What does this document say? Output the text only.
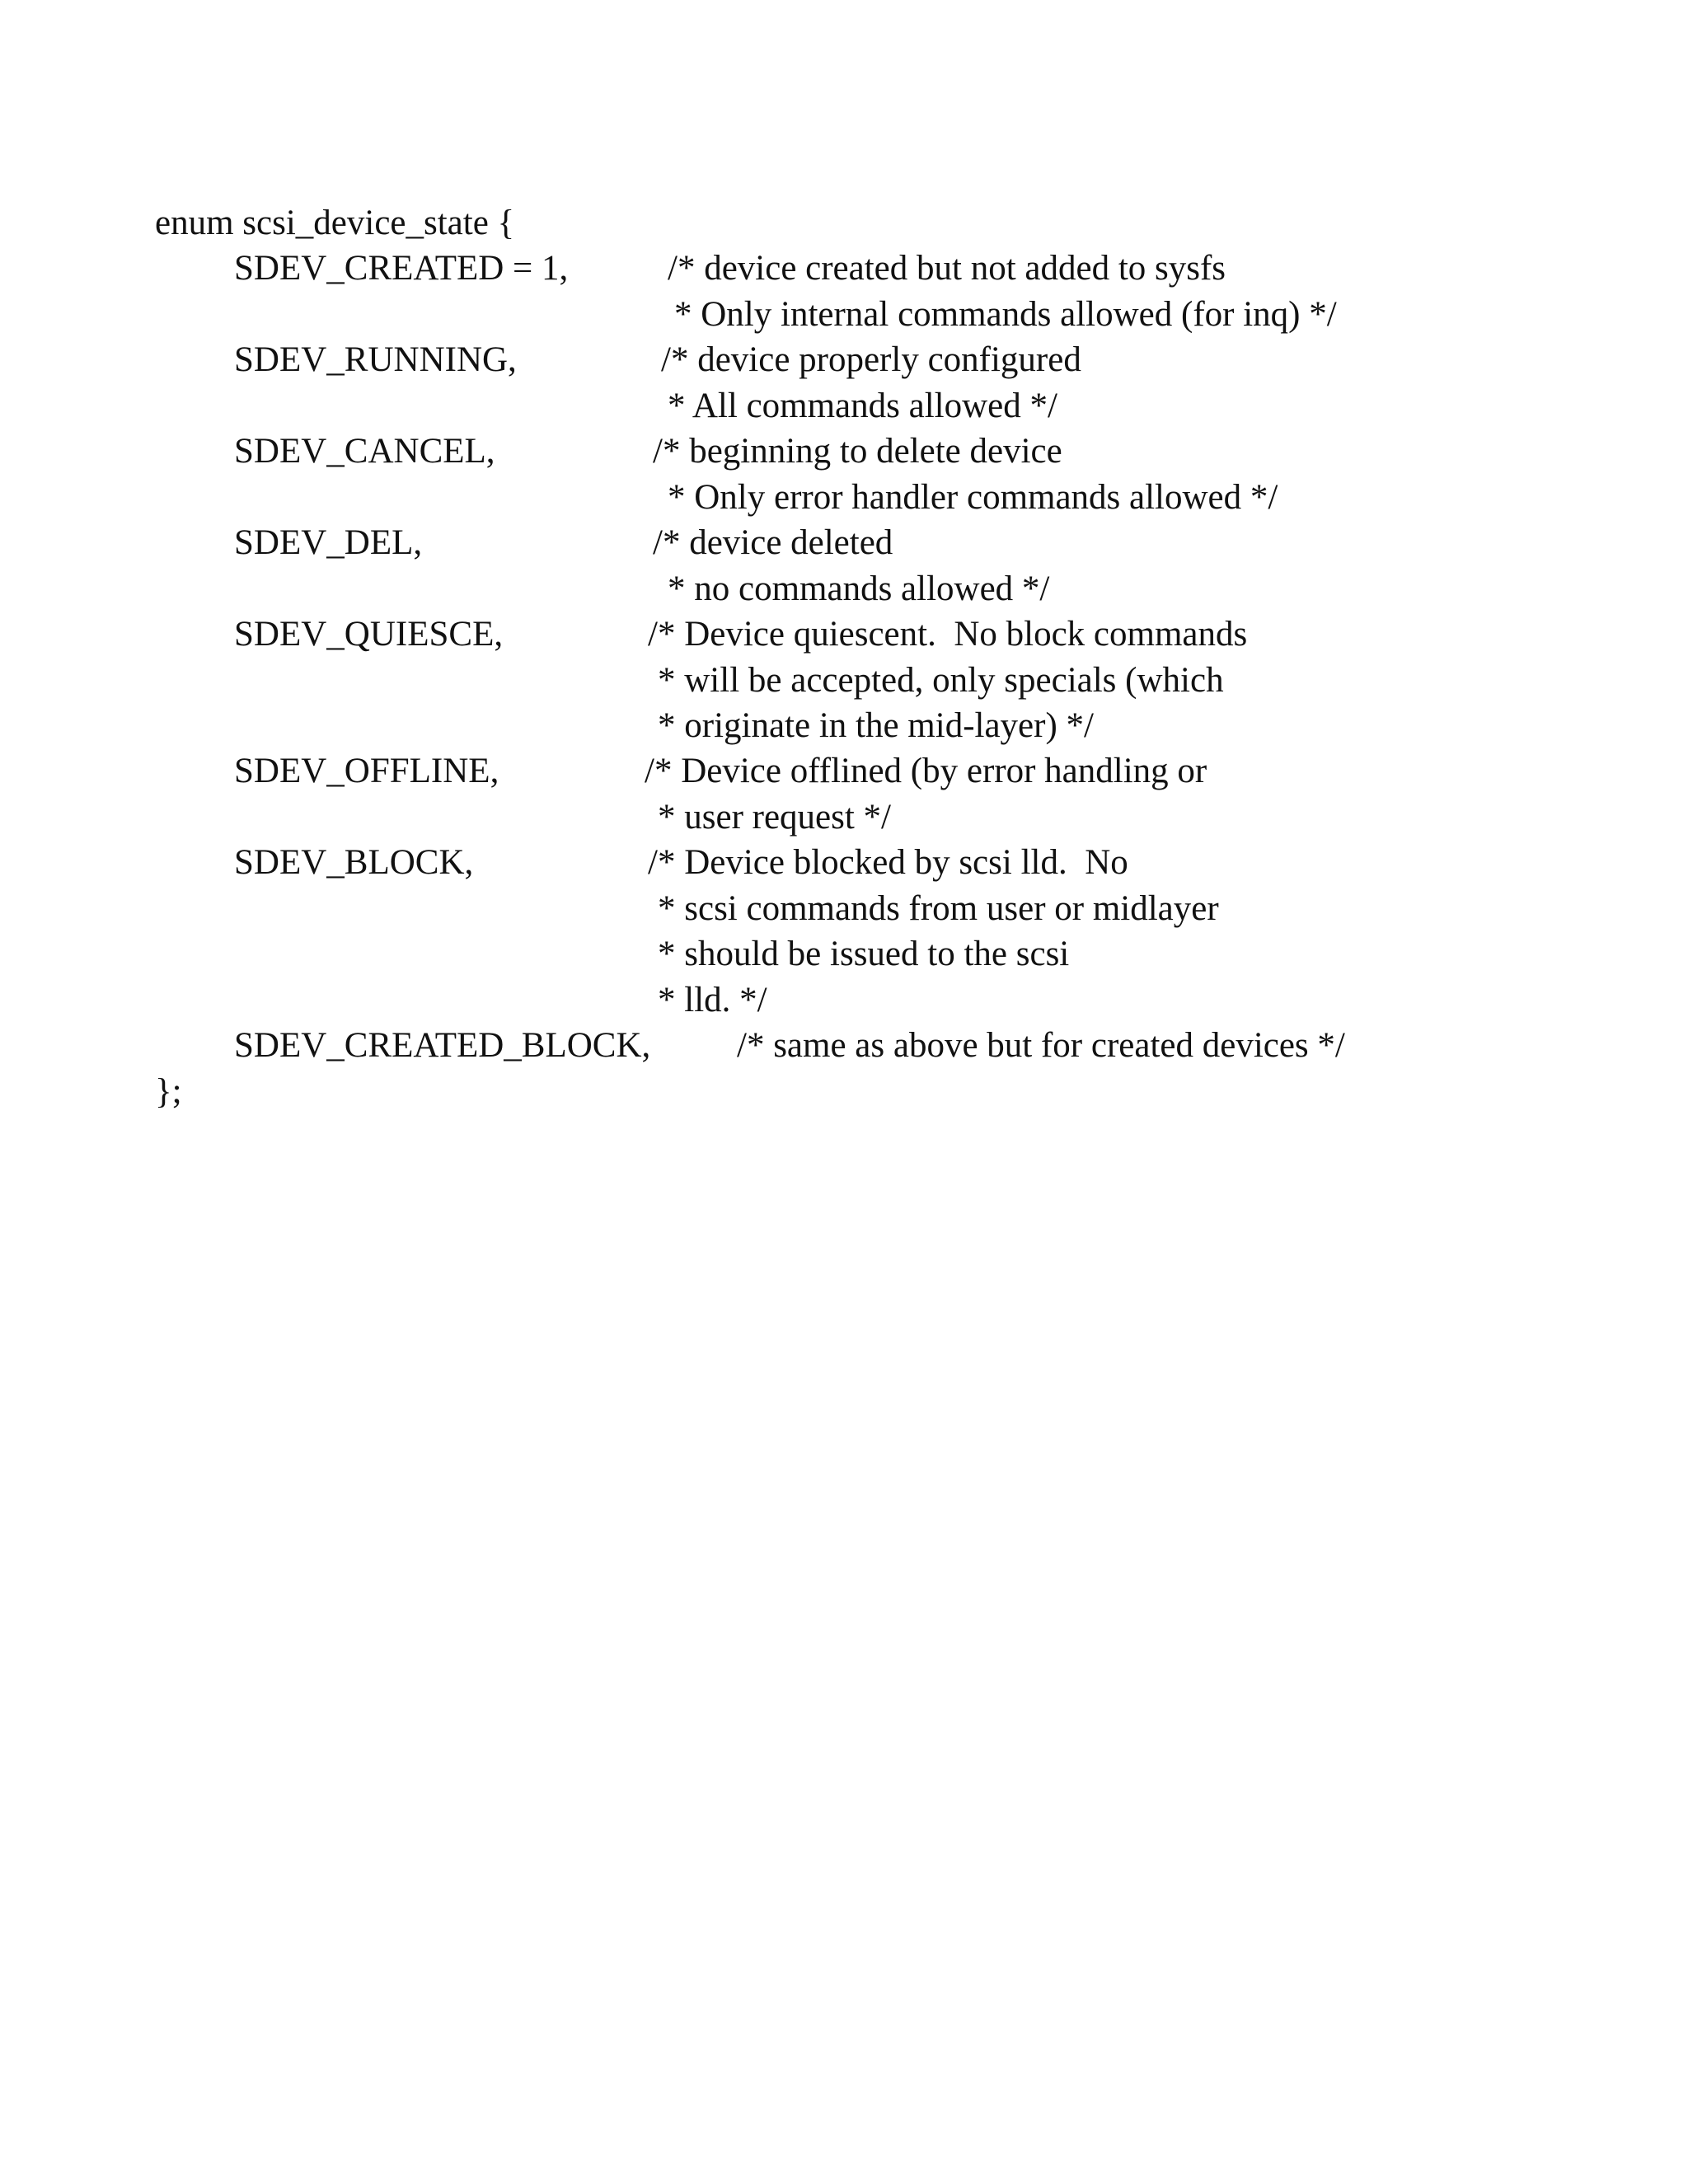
enum scsi_device_state {
SDEV_CREATED = 1,	/* device created but not added to sysfs
* Only internal commands allowed (for inq) */
SDEV_RUNNING,	/* device properly configured
* All commands allowed */
SDEV_CANCEL,	/* beginning to delete device
* Only error handler commands allowed */
SDEV_DEL,	/* device deleted
* no commands allowed */
SDEV_QUIESCE,	/* Device quiescent.  No block commands
* will be accepted, only specials (which
* originate in the mid-layer) */
SDEV_OFFLINE,	/* Device offlined (by error handling or
* user request */
SDEV_BLOCK,	/* Device blocked by scsi lld.  No
* scsi commands from user or midlayer
* should be issued to the scsi
* lld. */
SDEV_CREATED_BLOCK, /* same as above but for created devices */
};
